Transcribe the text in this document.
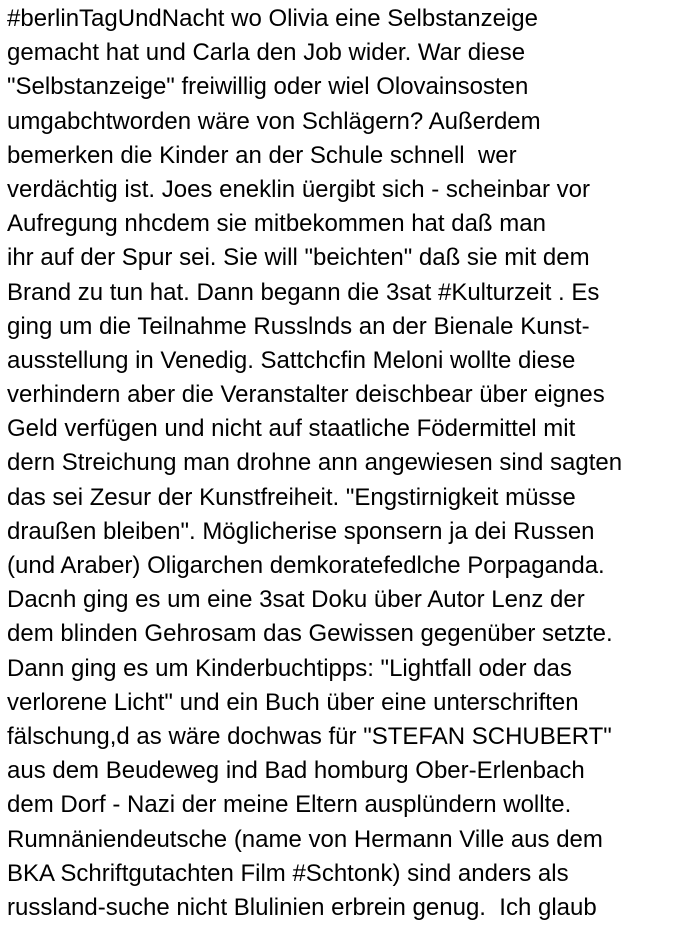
#berlinTagUndNacht wo Olivia eine Selbstanzeige
gemacht hat und Carla den Job wider. War diese
"Selbstanzeige" freiwillig oder wiel Olovainsosten
umgabchtworden wäre von Schlägern? Außerdem
bemerken die Kinder an der Schule schnell  wer
verdächtig ist. Joes eneklin üergibt sich - scheinbar vor
Aufregung nhcdem sie mitbekommen hat daß man
ihr auf der Spur sei. Sie will "beichten" daß sie mit dem
Brand zu tun hat. Dann begann die 3sat #Kulturzeit . Es
ging um die Teilnahme Russlnds an der Bienale Kunst-
ausstellung in Venedig. Sattchcfin Meloni wollte diese
verhindern aber die Veranstalter deischbear über eignes
Geld verfügen und nicht auf staatliche Födermittel mit
dern Streichung man drohne ann angewiesen sind sagten
das sei Zesur der Kunstfreiheit. "Engstirnigkeit müsse
draußen bleiben". Möglicherise sponsern ja dei Russen
(und Araber) Oligarchen demkoratefedlche Porpaganda.
Dacnh ging es um eine 3sat Doku über Autor Lenz der
dem blinden Gehrosam das Gewissen gegenüber setzte.
Dann ging es um Kinderbuchtipps: "Lightfall oder das
verlorene Licht" und ein Buch über eine unterschriften
fälschung,d as wäre dochwas für "STEFAN SCHUBERT"
aus dem Beudeweg ind Bad homburg Ober-Erlenbach
dem Dorf - Nazi der meine Eltern ausplündern wollte.
Rumnäniendeutsche (name von Hermann Ville aus dem
BKA Schriftgutachten Film #Schtonk) sind anders als
russland-suche nicht Blulinien erbrein genug.  Ich glaub
